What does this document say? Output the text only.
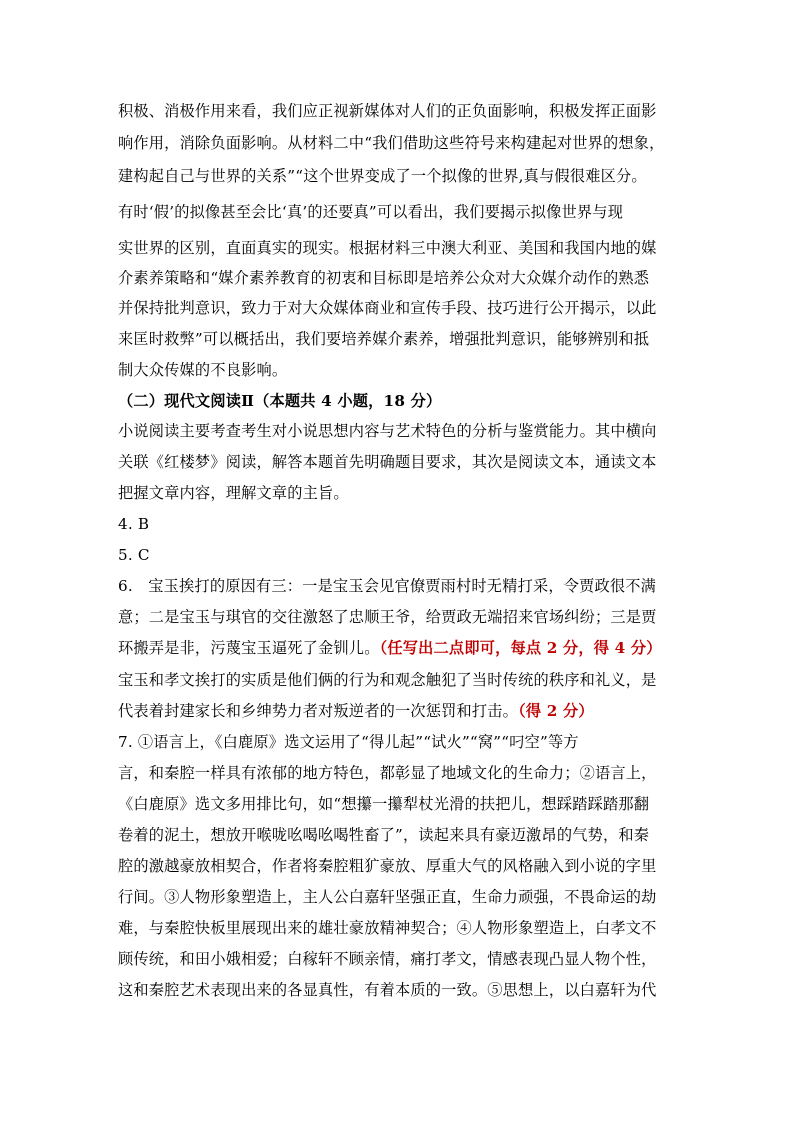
积极、消极作用来看，我们应正视新媒体对人们的正负面影响，积极发挥正面影
响作用，消除负面影响。从材料二中“我们借助这些符号来构建起对世界的想象，
建构起自己与世界的关系”“这个世界变成了一个拟像的世界,真与假很难区分。
有时‘假’的拟像甚至会比‘真’的还要真”可以看出，我们要揭示拟像世界与现
实世界的区别，直面真实的现实。根据材料三中澳大利亚、美国和我国内地的媒
介素养策略和“媒介素养教育的初衷和目标即是培养公众对大众媒介动作的熟悉
并保持批判意识，致力于对大众媒体商业和宣传手段、技巧进行公开揭示，以此
来匡时救弊”可以概括出，我们要培养媒介素养，增强批判意识，能够辨别和抵
制大众传媒的不良影响。
（二）现代文阅读Ⅱ（本题共 4 小题，18 分）
小说阅读主要考查考生对小说思想内容与艺术特色的分析与鉴赏能力。其中横向
关联《红楼梦》阅读，解答本题首先明确题目要求，其次是阅读文本，通读文本
把握文章内容，理解文章的主旨。
4. B
5. C
6.　宝玉挨打的原因有三：一是宝玉会见官僚贾雨村时无精打采，令贾政很不满
意；二是宝玉与琪官的交往激怒了忠顺王爷，给贾政无端招来官场纠纷；三是贾
环搬弄是非，污蔑宝玉逼死了金钏儿。（任写出二点即可，每点 2 分，得 4 分）
宝玉和孝文挨打的实质是他们俩的行为和观念触犯了当时传统的秩序和礼义，是
代表着封建家长和乡绅势力者对叛逆者的一次惩罚和打击。（得 2 分）
7. ①语言上，《白鹿原》选文运用了“得儿起”“试火”“窝”“叼空”等方
言，和秦腔一样具有浓郁的地方特色，都彰显了地域文化的生命力；②语言上，
《白鹿原》选文多用排比句，如“想攥一攥犁杖光滑的扶把儿，想踩踏踩踏那翻
卷着的泥土，想放开喉咙吆喝吆喝牲畜了”，读起来具有豪迈激昂的气势，和秦
腔的激越豪放相契合，作者将秦腔粗犷豪放、厚重大气的风格融入到小说的字里
行间。③人物形象塑造上，主人公白嘉轩坚强正直，生命力顽强，不畏命运的劫
难，与秦腔快板里展现出来的雄壮豪放精神契合；④人物形象塑造上，白孝文不
顾传统，和田小娥相爱；白稼轩不顾亲情，痛打孝文，情感表现凸显人物个性，
这和秦腔艺术表现出来的各显真性，有着本质的一致。⑤思想上，以白嘉轩为代
